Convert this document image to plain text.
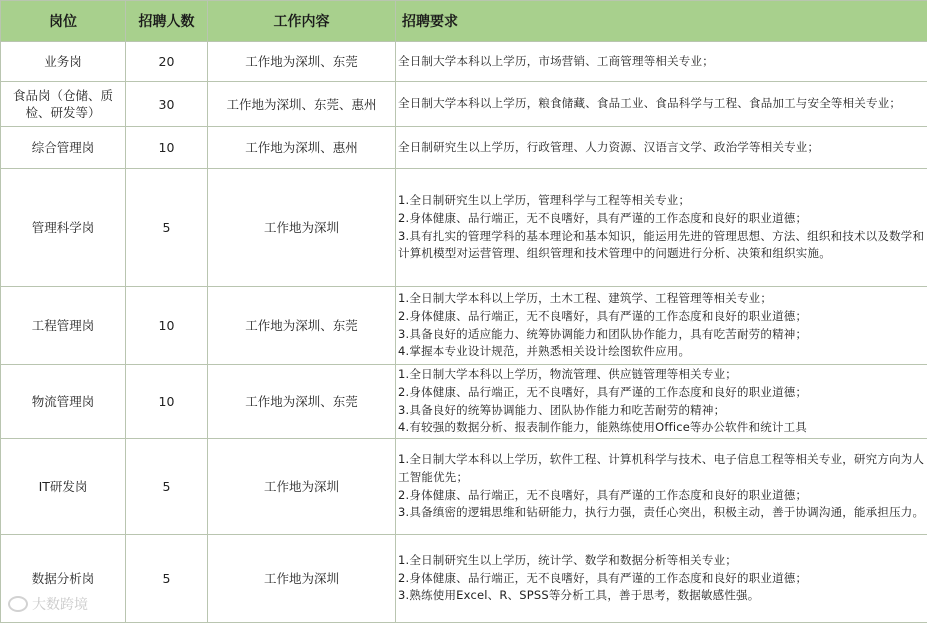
岗位	招聘人数	工作内容	招聘要求
业务岗	20	工作地为深圳、东莞	全日制大学本科以上学历，市场营销、工商管理等相关专业；

食品岗（仓储、质检、研发等）	30	工作地为深圳、东莞、惠州	全日制大学本科以上学历，粮食储藏、食品工业、食品科学与工程、食品加工与安全等相关专业；

综合管理岗	10	工作地为深圳、惠州	全日制研究生以上学历，行政管理、人力资源、汉语言文学、政治学等相关专业；

管理科学岗	5	工作地为深圳	1.全日制研究生以上学历，管理科学与工程等相关专业；
2.身体健康、品行端正，无不良嗜好，具有严谨的工作态度和良好的职业道德；
3.具有扎实的管理学科的基本理论和基本知识，能运用先进的管理思想、方法、组织和技术以及数学和计算机模型对运营管理、组织管理和技术管理中的问题进行分析、决策和组织实施。

工程管理岗	10	工作地为深圳、东莞	1.全日制大学本科以上学历，土木工程、建筑学、工程管理等相关专业；
2.身体健康、品行端正，无不良嗜好，具有严谨的工作态度和良好的职业道德；
3.具备良好的适应能力、统筹协调能力和团队协作能力，具有吃苦耐劳的精神；
4.掌握本专业设计规范，并熟悉相关设计绘图软件应用。

物流管理岗	10	工作地为深圳、东莞	1.全日制大学本科以上学历，物流管理、供应链管理等相关专业；
2.身体健康、品行端正，无不良嗜好，具有严谨的工作态度和良好的职业道德；
3.具备良好的统筹协调能力、团队协作能力和吃苦耐劳的精神；
4.有较强的数据分析、报表制作能力，能熟练使用Office等办公软件和统计工具

IT研发岗	5	工作地为深圳	1.全日制大学本科以上学历，软件工程、计算机科学与技术、电子信息工程等相关专业，研究方向为人工智能优先；
2.身体健康、品行端正，无不良嗜好，具有严谨的工作态度和良好的职业道德；
3.具备缜密的逻辑思维和钻研能力，执行力强，责任心突出，积极主动，善于协调沟通，能承担压力。

数据分析岗	5	工作地为深圳	1.全日制研究生以上学历，统计学、数学和数据分析等相关专业；
2.身体健康、品行端正，无不良嗜好，具有严谨的工作态度和良好的职业道德；
3.熟练使用Excel、R、SPSS等分析工具，善于思考，数据敏感性强。
大数跨境
